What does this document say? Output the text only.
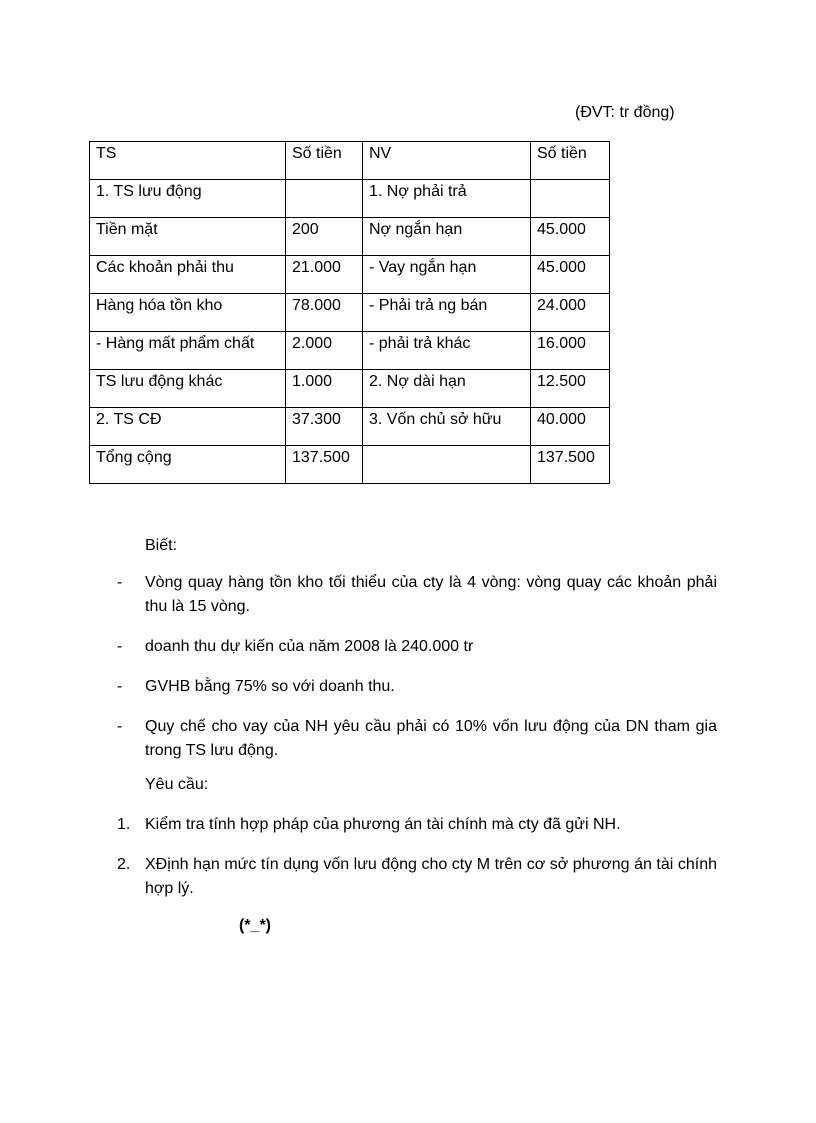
(ĐVT: tr đồng)
TS	Số tiền	NV	Số tiền
1. TS lưu động		1. Nợ phải trả	
Tiền mặt	200	Nợ ngắn hạn	45.000
Các khoản phải thu	21.000	- Vay ngắn hạn	45.000
Hàng hóa tồn kho	78.000	- Phải trả ng bán	24.000
- Hàng mất phẩm chất	2.000	- phải trả khác	16.000
TS lưu động khác	1.000	2. Nợ dài hạn	12.500
2. TS CĐ	37.300	3. Vốn chủ sở hữu	40.000
Tổng cộng	137.500		137.500
Biết:
- Vòng quay hàng tồn kho tối thiểu của cty là 4 vòng: vòng quay các khoản phải thu là 15 vòng.
- doanh thu dự kiến của năm 2008 là 240.000 tr
- GVHB bằng 75% so với doanh thu.
- Quy chế cho vay của NH yêu cầu phải có 10% vốn lưu động của DN tham gia trong TS lưu động.
Yêu cầu:
1. Kiểm tra tính hợp pháp của phương án tài chính mà cty đã gửi NH.
2. XĐịnh hạn mức tín dụng vốn lưu động cho cty M trên cơ sở phương án tài chính hợp lý.
(*_*)
